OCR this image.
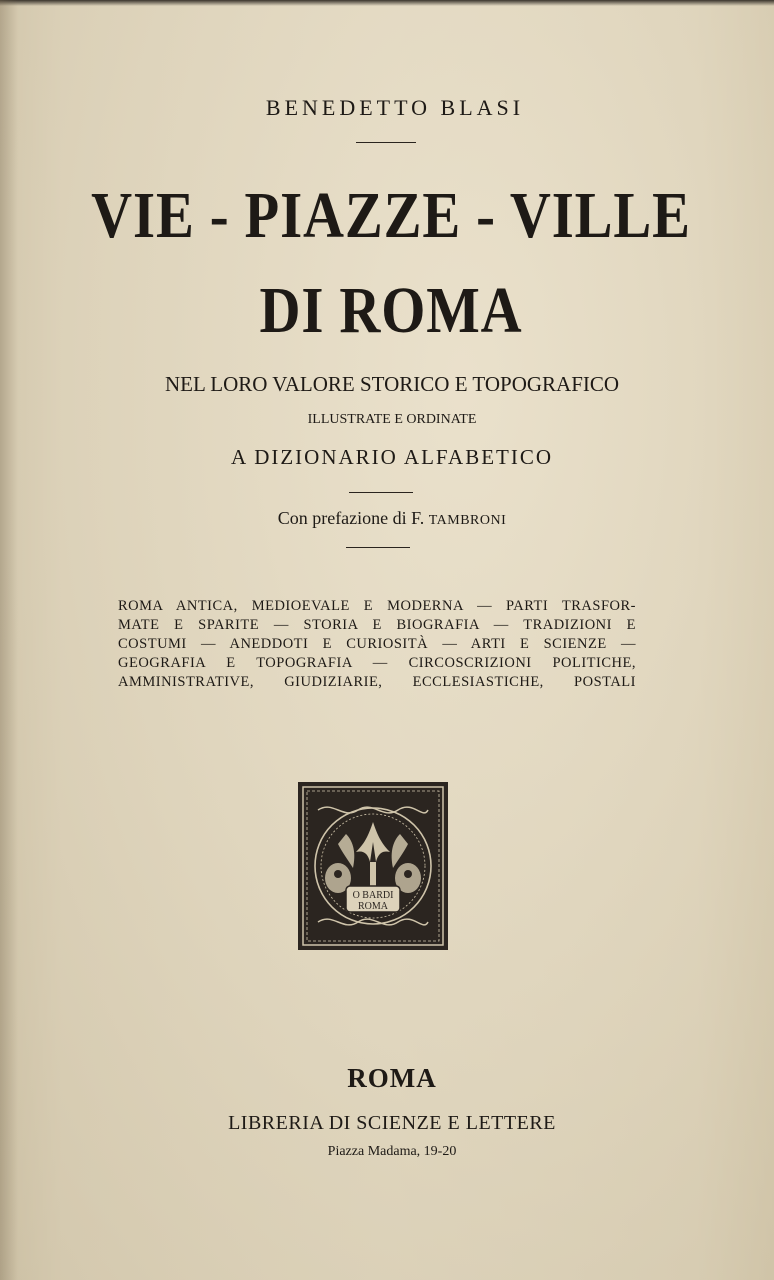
BENEDETTO BLASI
VIE - PIAZZE - VILLE
DI ROMA
NEL LORO VALORE STORICO E TOPOGRAFICO
ILLUSTRATE E ORDINATE
A DIZIONARIO ALFABETICO
Con prefazione di F. TAMBRONI
ROMA ANTICA, MEDIOEVALE E MODERNA — PARTI TRASFOR-
MATE E SPARITE — STORIA E BIOGRAFIA — TRADIZIONI E
COSTUMI — ANEDDOTI E CURIOSITÀ — ARTI E SCIENZE —
GEOGRAFIA E TOPOGRAFIA — CIRCOSCRIZIONI POLITICHE,
AMMINISTRATIVE, GIUDIZIARIE, ECCLESIASTICHE, POSTALI
O BARDI
ROMA
ROMA
LIBRERIA DI SCIENZE E LETTERE
Piazza Madama, 19-20
